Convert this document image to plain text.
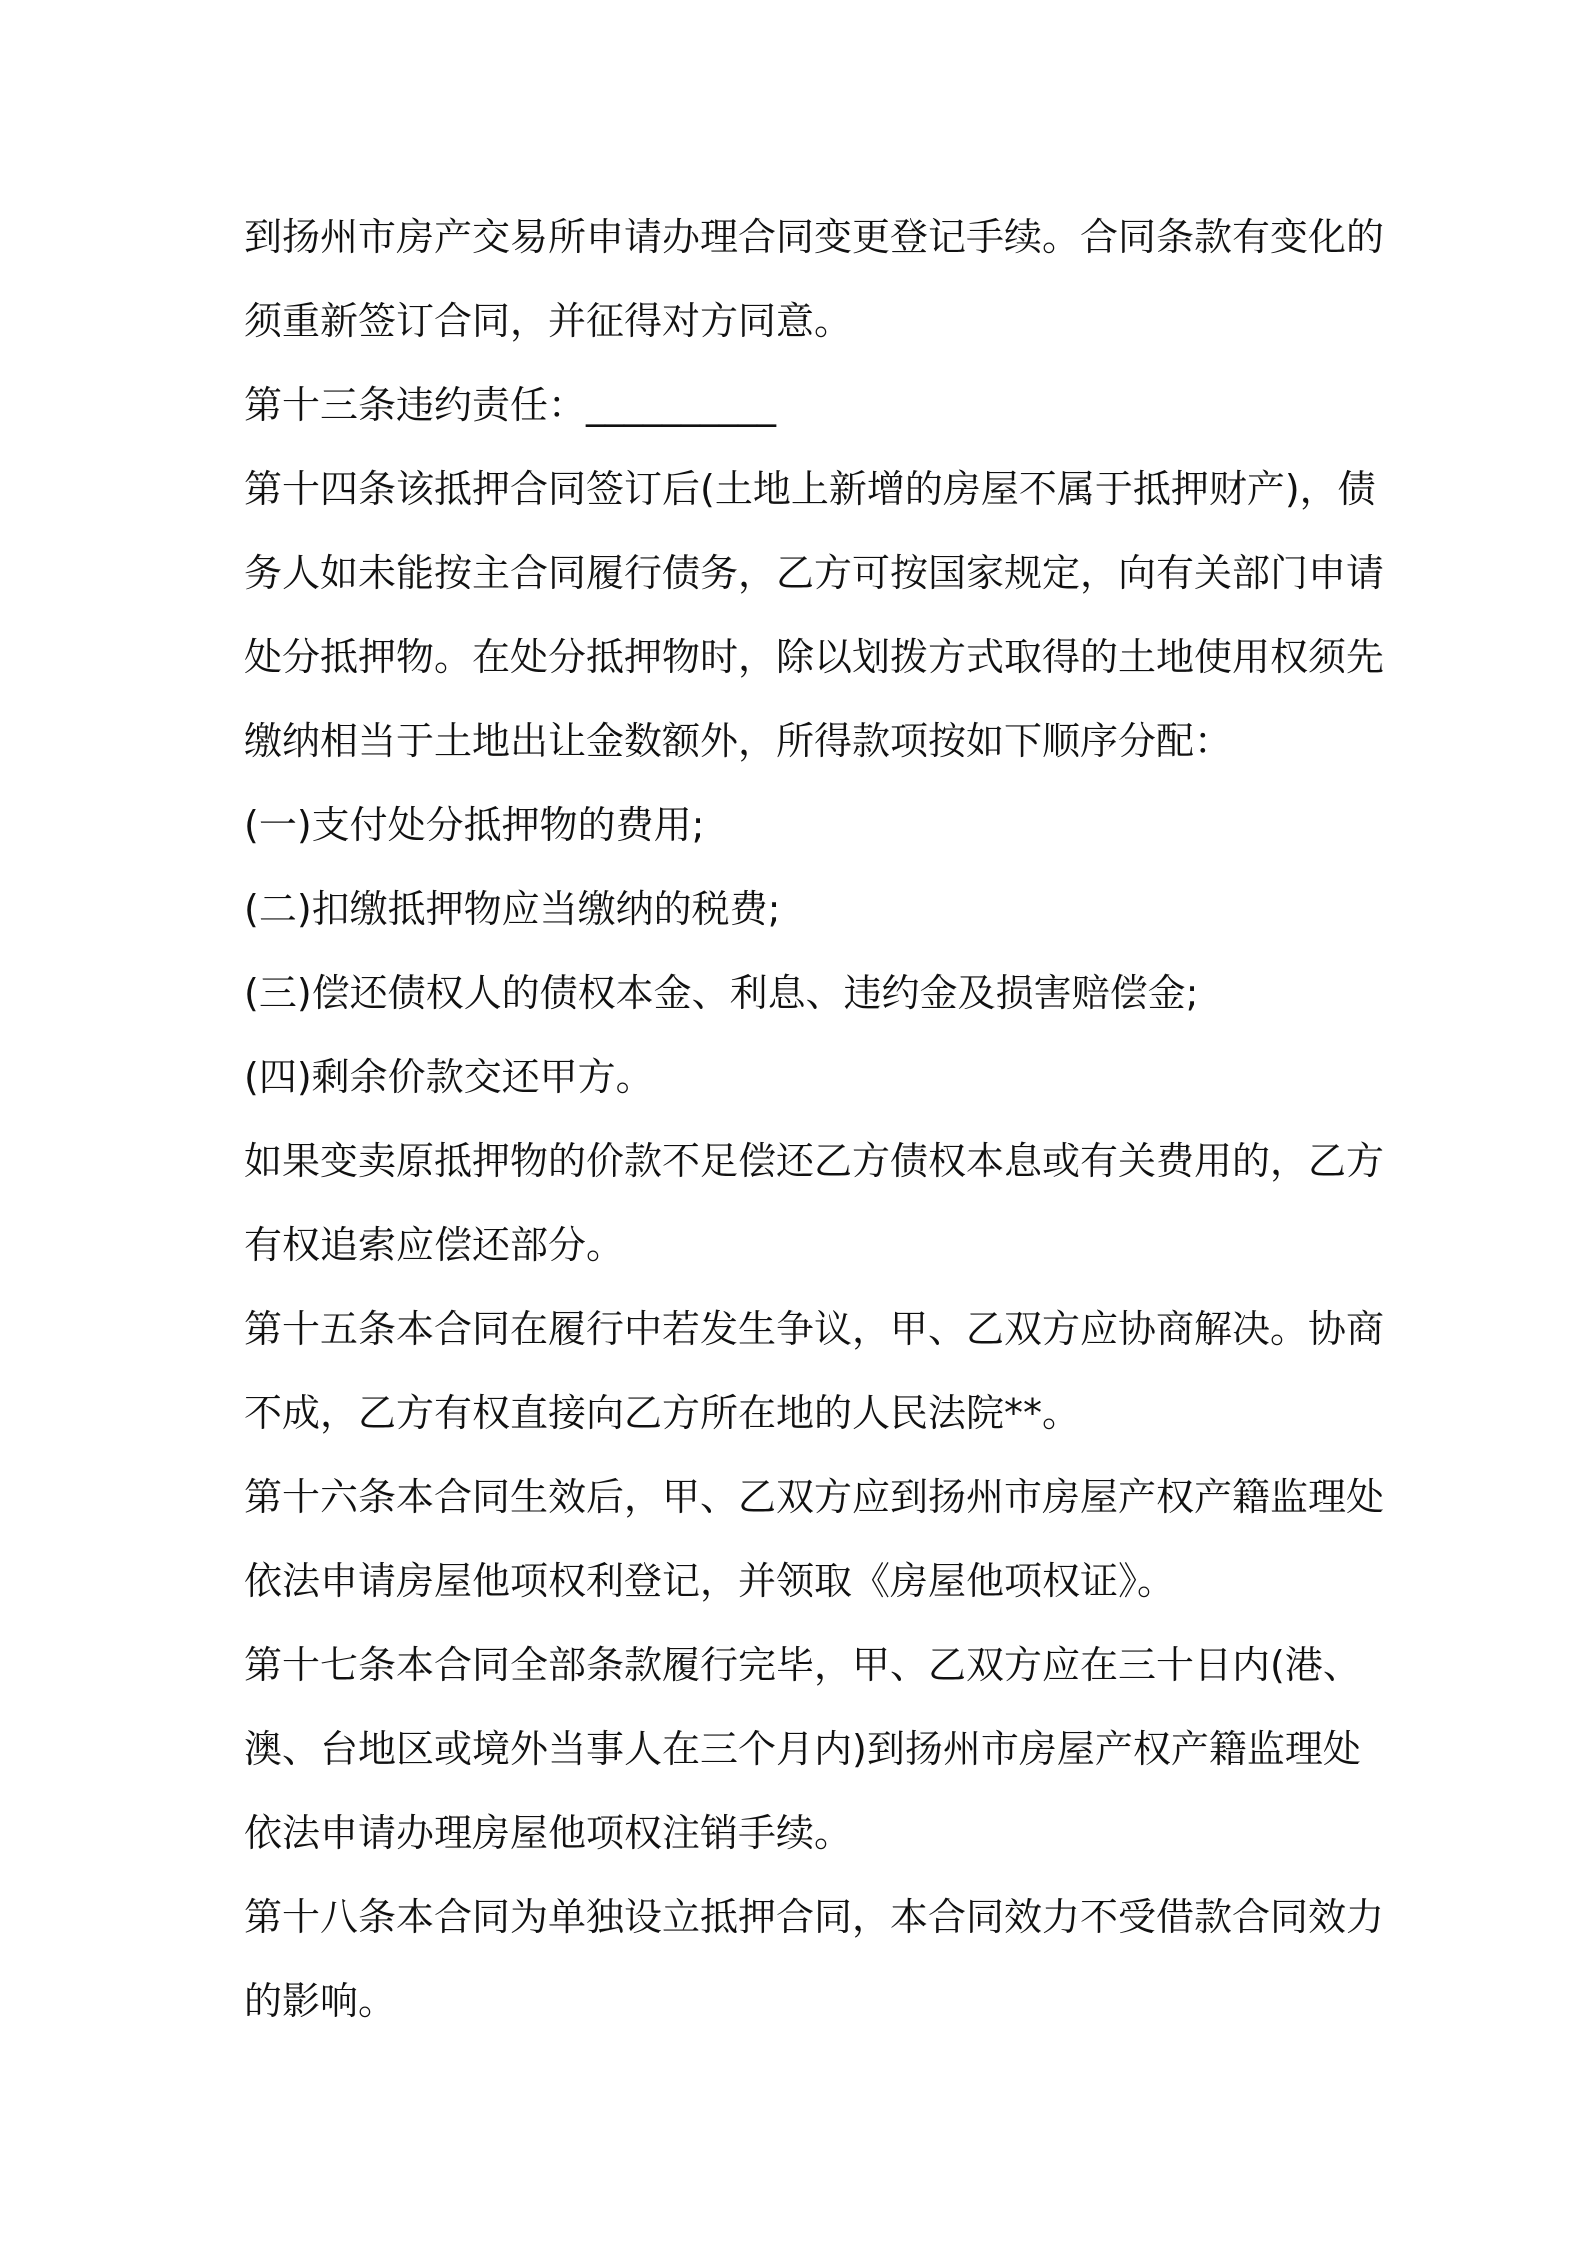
到扬州市房产交易所申请办理合同变更登记手续。合同条款有变化的

须重新签订合同，并征得对方同意。

第十三条违约责任：__________

第十四条该抵押合同签订后(土地上新增的房屋不属于抵押财产)，债

务人如未能按主合同履行债务，乙方可按国家规定，向有关部门申请

处分抵押物。在处分抵押物时，除以划拨方式取得的土地使用权须先

缴纳相当于土地出让金数额外，所得款项按如下顺序分配：

(一)支付处分抵押物的费用;

(二)扣缴抵押物应当缴纳的税费;

(三)偿还债权人的债权本金、利息、违约金及损害赔偿金;

(四)剩余价款交还甲方。

如果变卖原抵押物的价款不足偿还乙方债权本息或有关费用的，乙方

有权追索应偿还部分。

第十五条本合同在履行中若发生争议，甲、乙双方应协商解决。协商

不成，乙方有权直接向乙方所在地的人民法院**。

第十六条本合同生效后，甲、乙双方应到扬州市房屋产权产籍监理处

依法申请房屋他项权利登记，并领取《房屋他项权证》。

第十七条本合同全部条款履行完毕，甲、乙双方应在三十日内(港、

澳、台地区或境外当事人在三个月内)到扬州市房屋产权产籍监理处

依法申请办理房屋他项权注销手续。

第十八条本合同为单独设立抵押合同，本合同效力不受借款合同效力

的影响。
